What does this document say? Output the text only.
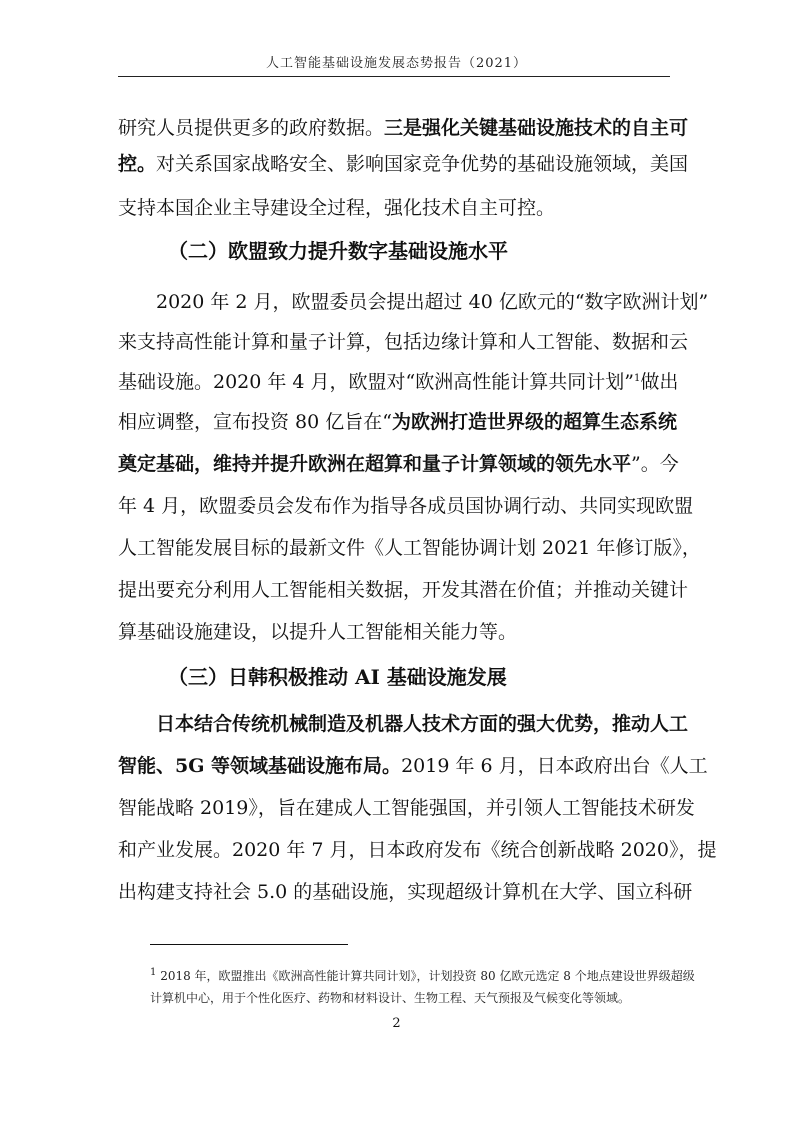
人工智能基础设施发展态势报告（2021）
研究人员提供更多的政府数据。三是强化关键基础设施技术的自主可
控。对关系国家战略安全、影响国家竞争优势的基础设施领域，美国
支持本国企业主导建设全过程，强化技术自主可控。
（二）欧盟致力提升数字基础设施水平
2020 年 2 月，欧盟委员会提出超过 40 亿欧元的“数字欧洲计划”
来支持高性能计算和量子计算，包括边缘计算和人工智能、数据和云
基础设施。2020 年 4 月，欧盟对“欧洲高性能计算共同计划”$^1$做出
相应调整，宣布投资 80 亿旨在“为欧洲打造世界级的超算生态系统
奠定基础，维持并提升欧洲在超算和量子计算领域的领先水平”。今
年 4 月，欧盟委员会发布作为指导各成员国协调行动、共同实现欧盟
人工智能发展目标的最新文件《人工智能协调计划 2021 年修订版》，
提出要充分利用人工智能相关数据，开发其潜在价值；并推动关键计
算基础设施建设，以提升人工智能相关能力等。
（三）日韩积极推动 AI 基础设施发展
日本结合传统机械制造及机器人技术方面的强大优势，推动人工
智能、5G 等领域基础设施布局。2019 年 6 月，日本政府出台《人工
智能战略 2019》，旨在建成人工智能强国，并引领人工智能技术研发
和产业发展。2020 年 7 月，日本政府发布《统合创新战略 2020》，提
出构建支持社会 5.0 的基础设施，实现超级计算机在大学、国立科研
$^1$ 2018 年，欧盟推出《欧洲高性能计算共同计划》，计划投资 80 亿欧元选定 8 个地点建设世界级超级
计算机中心，用于个性化医疗、药物和材料设计、生物工程、天气预报及气候变化等领域。
2
